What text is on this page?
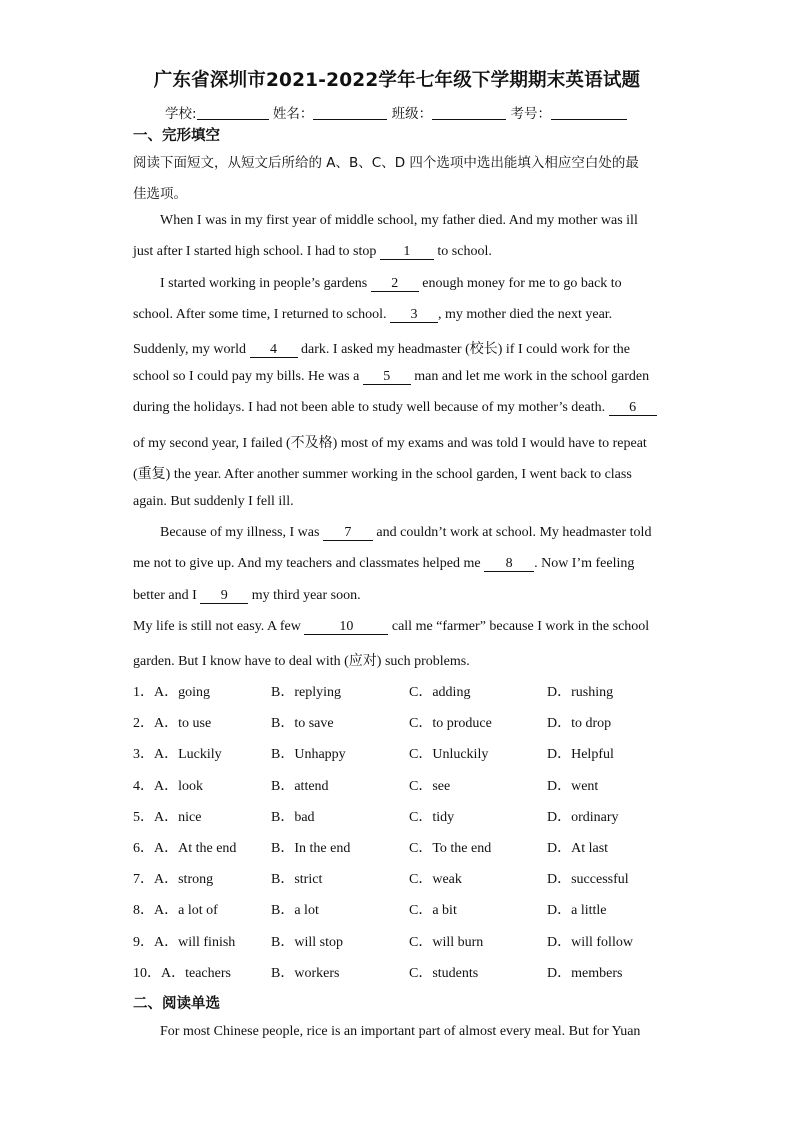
广东省深圳市2021-2022学年七年级下学期期末英语试题
学校:	姓名：	班级：	考号：
一、完形填空
阅读下面短文，从短文后所给的 A、B、C、D 四个选项中选出能填入相应空白处的最
佳选项。
When I was in my first year of middle school, my father died. And my mother was ill
just after I started high school. I had to stop 1 to school.
I started working in people’s gardens 2 enough money for me to go back to
school. After some time, I returned to school. 3 , my mother died the next year.
Suddenly, my world 4 dark. I asked my headmaster (校长) if I could work for the
school so I could pay my bills. He was a 5 man and let me work in the school garden
during the holidays. I had not been able to study well because of my mother’s death. 6
of my second year, I failed (不及格) most of my exams and was told I would have to repeat
(重复) the year. After another summer working in the school garden, I went back to class
again. But suddenly I fell ill.
Because of my illness, I was 7 and couldn’t work at school. My headmaster told
me not to give up. And my teachers and classmates helped me 8 . Now I’m feeling
better and I 9 my third year soon.
My life is still not easy. A few	10	call me “farmer” because I work in the school
garden. But I know have to deal with (应对) such problems.
1．A．going	B．replying	C．adding	D．rushing
2．A．to use	B．to save	C．to produce	D．to drop
3．A．Luckily	B．Unhappy	C．Unluckily	D．Helpful
4．A．look	B．attend	C．see	D．went
5．A．nice	B．bad	C．tidy	D．ordinary
6．A．At the end B．In the end	C．To the end	D．At last
7．A．strong	B．strict	C．weak	D．successful
8．A．a lot of	B．a lot	C．a bit	D．a little
9．A．will finish	B．will stop	C．will burn	D．will follow
10．A．teachers	B．workers	C．students	D．members
二、阅读单选
For most Chinese people, rice is an important part of almost every meal. But for Yuan
